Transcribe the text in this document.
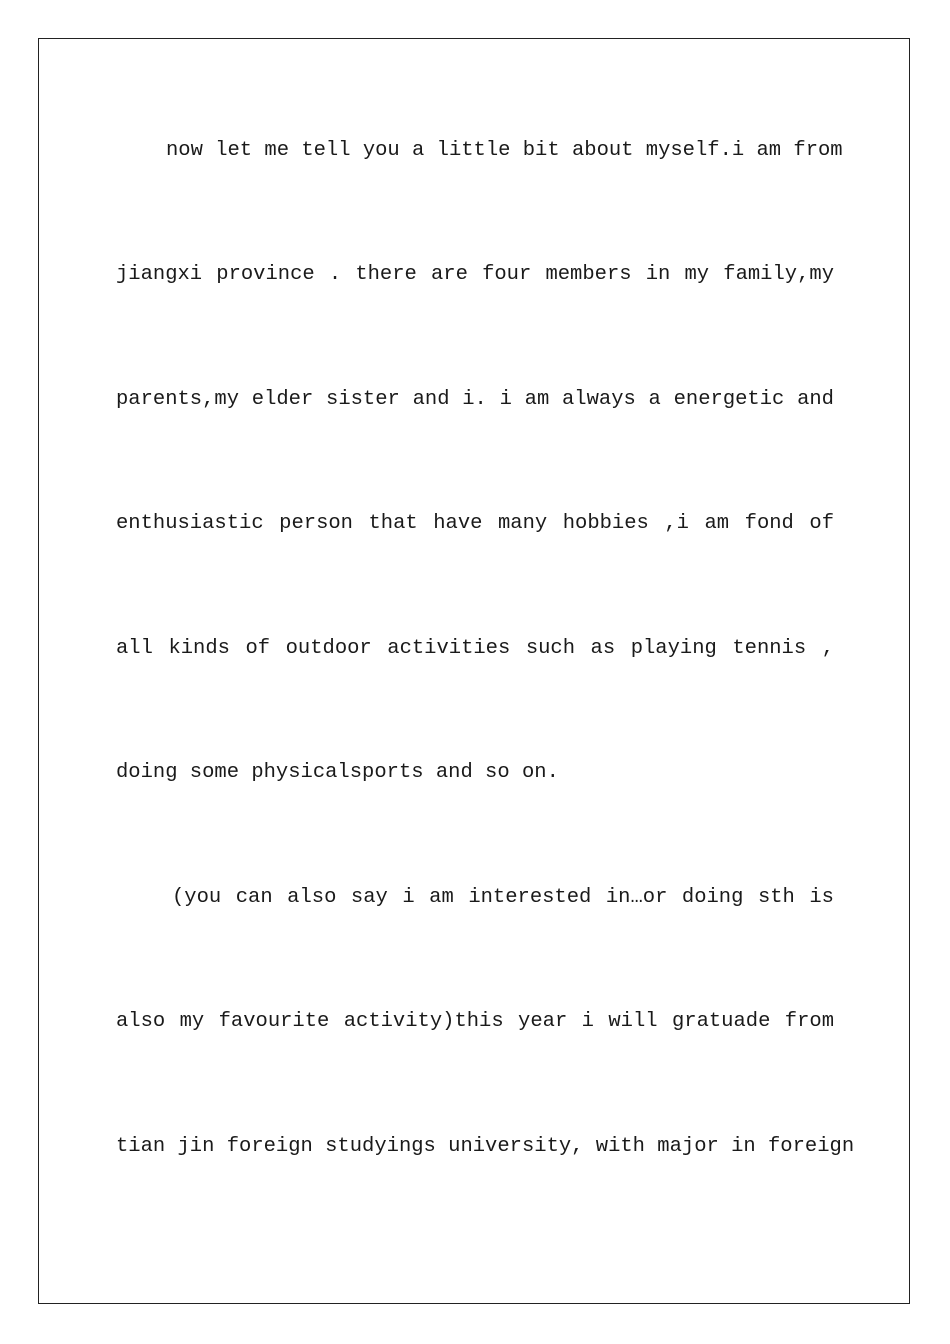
now let me tell you a little bit about myself.i am from
jiangxi province . there are four members in my family,my
parents,my elder sister and i. i am always a energetic and
enthusiastic person that have many hobbies ,i am fond of
all kinds of outdoor activities such as playing tennis ,
doing some physicalsports and so on.
(you can also say i am interested in…or doing sth is
also my favourite activity)this year i will gratuade from
tian jin foreign studyings university, with major in foreign
